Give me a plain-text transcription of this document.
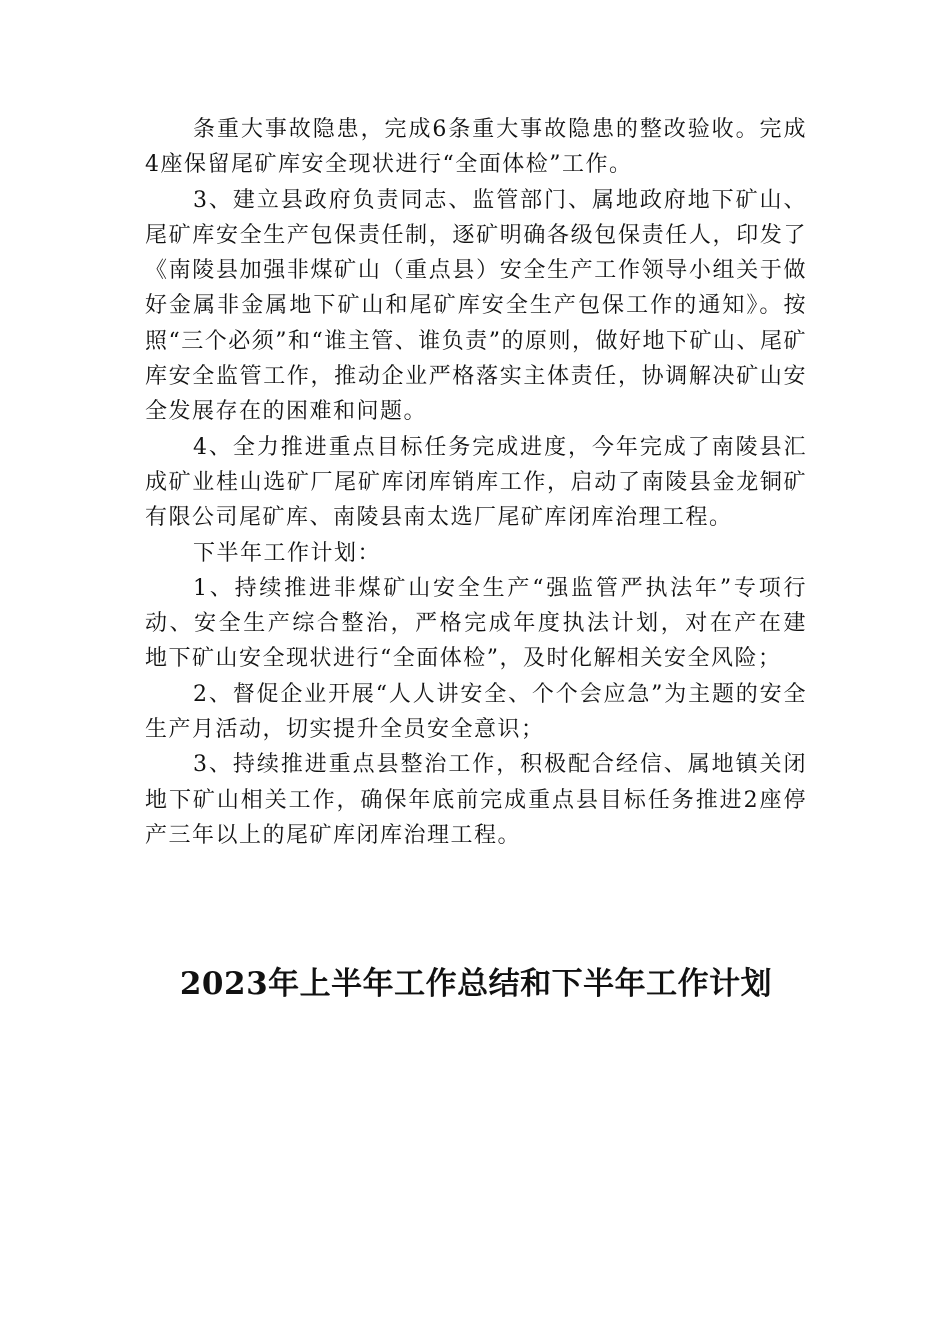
条重大事故隐患，完成6条重大事故隐患的整改验收。完成4座保留尾矿库安全现状进行“全面体检”工作。

3、建立县政府负责同志、监管部门、属地政府地下矿山、尾矿库安全生产包保责任制，逐矿明确各级包保责任人，印发了《南陵县加强非煤矿山（重点县）安全生产工作领导小组关于做好金属非金属地下矿山和尾矿库安全生产包保工作的通知》。按照“三个必须”和“谁主管、谁负责”的原则，做好地下矿山、尾矿库安全监管工作，推动企业严格落实主体责任，协调解决矿山安全发展存在的困难和问题。

4、全力推进重点目标任务完成进度，今年完成了南陵县汇成矿业桂山选矿厂尾矿库闭库销库工作，启动了南陵县金龙铜矿有限公司尾矿库、南陵县南太选厂尾矿库闭库治理工程。

下半年工作计划：

1、持续推进非煤矿山安全生产“强监管严执法年”专项行动、安全生产综合整治，严格完成年度执法计划，对在产在建 地下矿山安全现状进行“全面体检”，及时化解相关安全风险；

2、督促企业开展“人人讲安全、个个会应急”为主题的安全生产月活动，切实提升全员安全意识；

3、持续推进重点县整治工作，积极配合经信、属地镇关闭地下矿山相关工作，确保年底前完成重点县目标任务推进2座停产三年以上的尾矿库闭库治理工程。

2023年上半年工作总结和下半年工作计划
